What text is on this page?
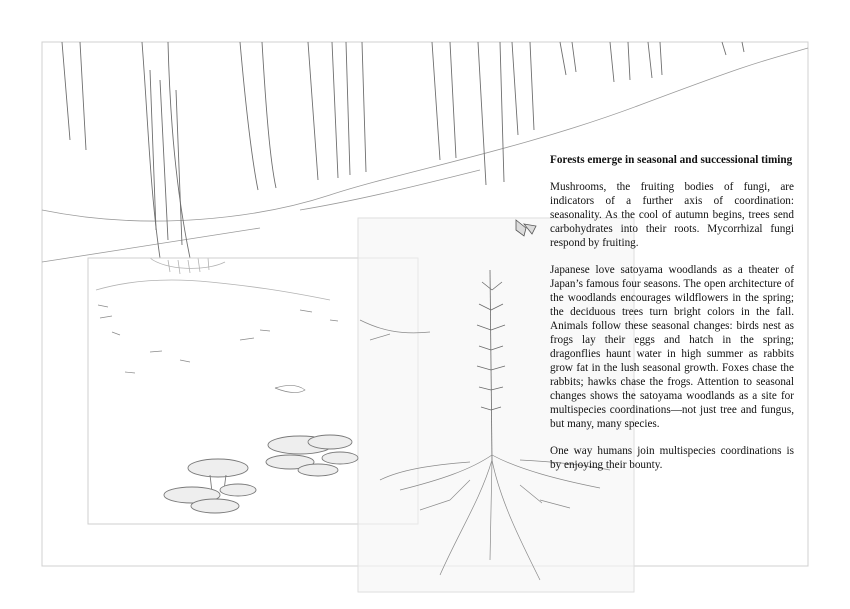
Forests emerge in seasonal and successional timing

Mushrooms, the fruiting bodies of fungi, are indicators of a further axis of coordination: seasonality. As the cool of autumn begins, trees send carbohydrates into their roots. Mycorrhizal fungi respond by fruiting.

Japanese love satoyama woodlands as a theater of Japan’s famous four seasons. The open architecture of the woodlands encourages wildflowers in the spring; the deciduous trees turn bright colors in the fall. Animals follow these seasonal changes: birds nest as frogs lay their eggs and hatch in the spring; dragonflies haunt water in high summer as rabbits grow fat in the lush seasonal growth. Foxes chase the rabbits; hawks chase the frogs. Attention to seasonal changes shows the satoyama woodlands as a site for multispecies coordinations—not just tree and fungus, but many, many species.

One way humans join multispecies coordinations is by enjoying their bounty.
